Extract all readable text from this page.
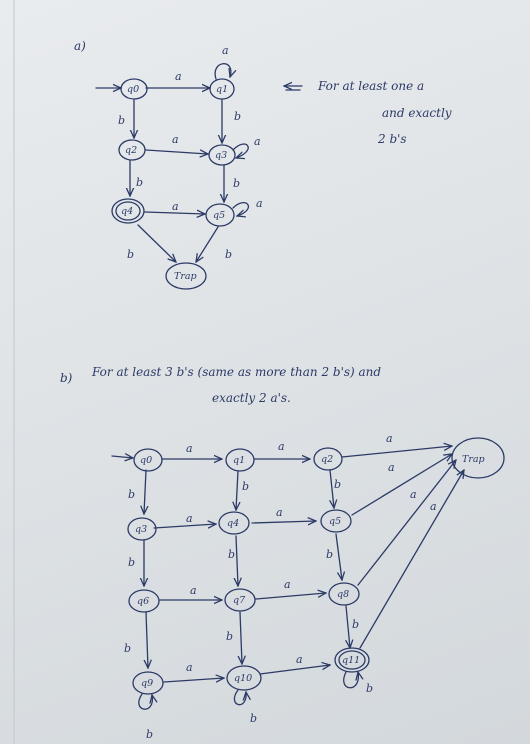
a)
q0	q1
q2	q3
q4	q5
Trap
a
a
b	b
a	a
b	b
a	a
b	b
For at least one a
and exactly
2 b's
b) For at least 3 b's (same as more than 2 b's) and
exactly 2 a's.
q0	q1	q2
q3
q4	q5
q6	q7
q8
q9	q10
q11
Trap
a	a
a
a	a
a
a	a
a
a
a
a
b
b
b
b
b
b
b
b
b
b
b
b
